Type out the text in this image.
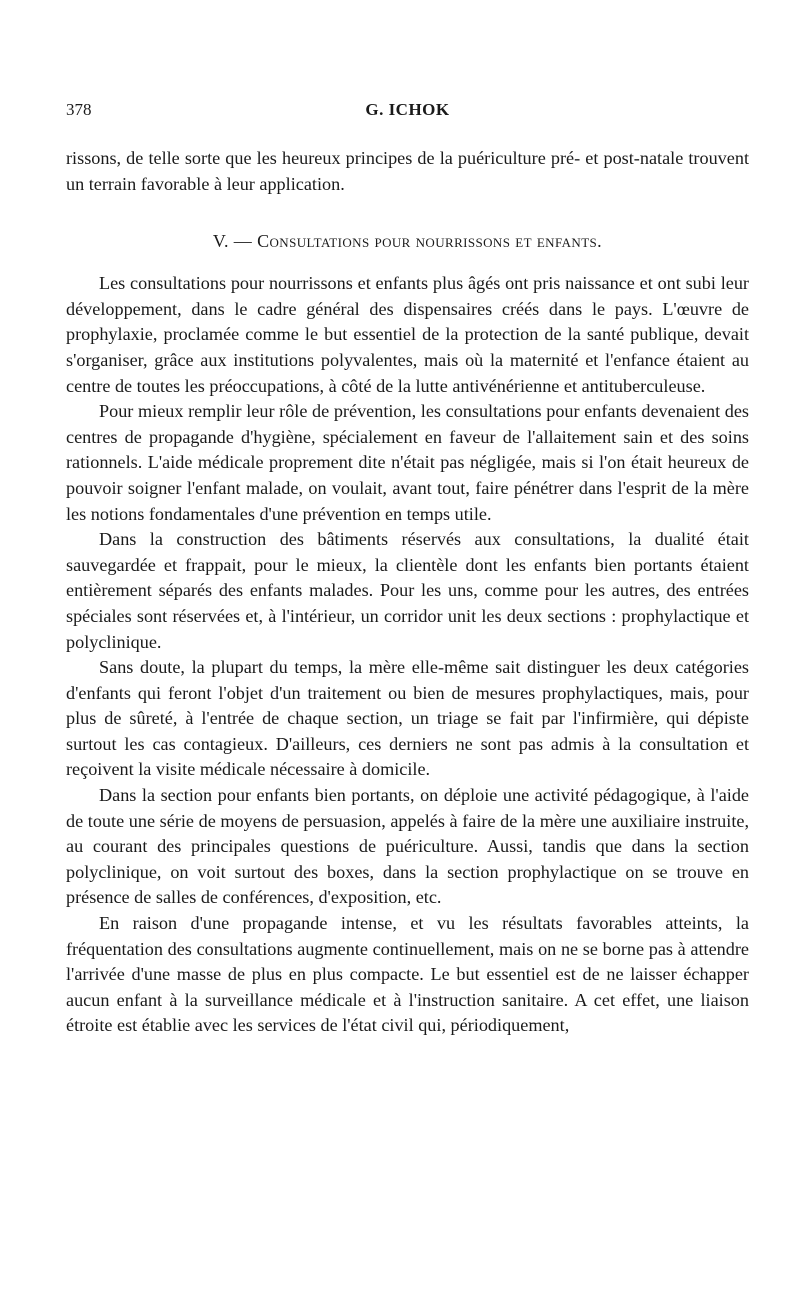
378	G. ICHOK

rissons, de telle sorte que les heureux principes de la puériculture pré- et post-natale trouvent un terrain favorable à leur application.

V. — Consultations pour nourrissons et enfants.

Les consultations pour nourrissons et enfants plus âgés ont pris naissance et ont subi leur développement, dans le cadre général des dispensaires créés dans le pays. L'œuvre de prophylaxie, proclamée comme le but essentiel de la protection de la santé publique, devait s'organiser, grâce aux institutions polyvalentes, mais où la maternité et l'enfance étaient au centre de toutes les préoccupations, à côté de la lutte antivénérienne et antituberculeuse.

Pour mieux remplir leur rôle de prévention, les consultations pour enfants devenaient des centres de propagande d'hygiène, spécialement en faveur de l'allaitement sain et des soins rationnels. L'aide médicale proprement dite n'était pas négligée, mais si l'on était heureux de pouvoir soigner l'enfant malade, on voulait, avant tout, faire pénétrer dans l'esprit de la mère les notions fondamentales d'une prévention en temps utile.

Dans la construction des bâtiments réservés aux consultations, la dualité était sauvegardée et frappait, pour le mieux, la clientèle dont les enfants bien portants étaient entièrement séparés des enfants malades. Pour les uns, comme pour les autres, des entrées spéciales sont réservées et, à l'intérieur, un corridor unit les deux sections : prophylactique et polyclinique.

Sans doute, la plupart du temps, la mère elle-même sait distinguer les deux catégories d'enfants qui feront l'objet d'un traitement ou bien de mesures prophylactiques, mais, pour plus de sûreté, à l'entrée de chaque section, un triage se fait par l'infirmière, qui dépiste surtout les cas contagieux. D'ailleurs, ces derniers ne sont pas admis à la consultation et reçoivent la visite médicale nécessaire à domicile.

Dans la section pour enfants bien portants, on déploie une activité pédagogique, à l'aide de toute une série de moyens de persuasion, appelés à faire de la mère une auxiliaire instruite, au courant des principales questions de puériculture. Aussi, tandis que dans la section polyclinique, on voit surtout des boxes, dans la section prophylactique on se trouve en présence de salles de conférences, d'exposition, etc.

En raison d'une propagande intense, et vu les résultats favorables atteints, la fréquentation des consultations augmente continuellement, mais on ne se borne pas à attendre l'arrivée d'une masse de plus en plus compacte. Le but essentiel est de ne laisser échapper aucun enfant à la surveillance médicale et à l'instruction sanitaire. A cet effet, une liaison étroite est établie avec les services de l'état civil qui, périodiquement,
